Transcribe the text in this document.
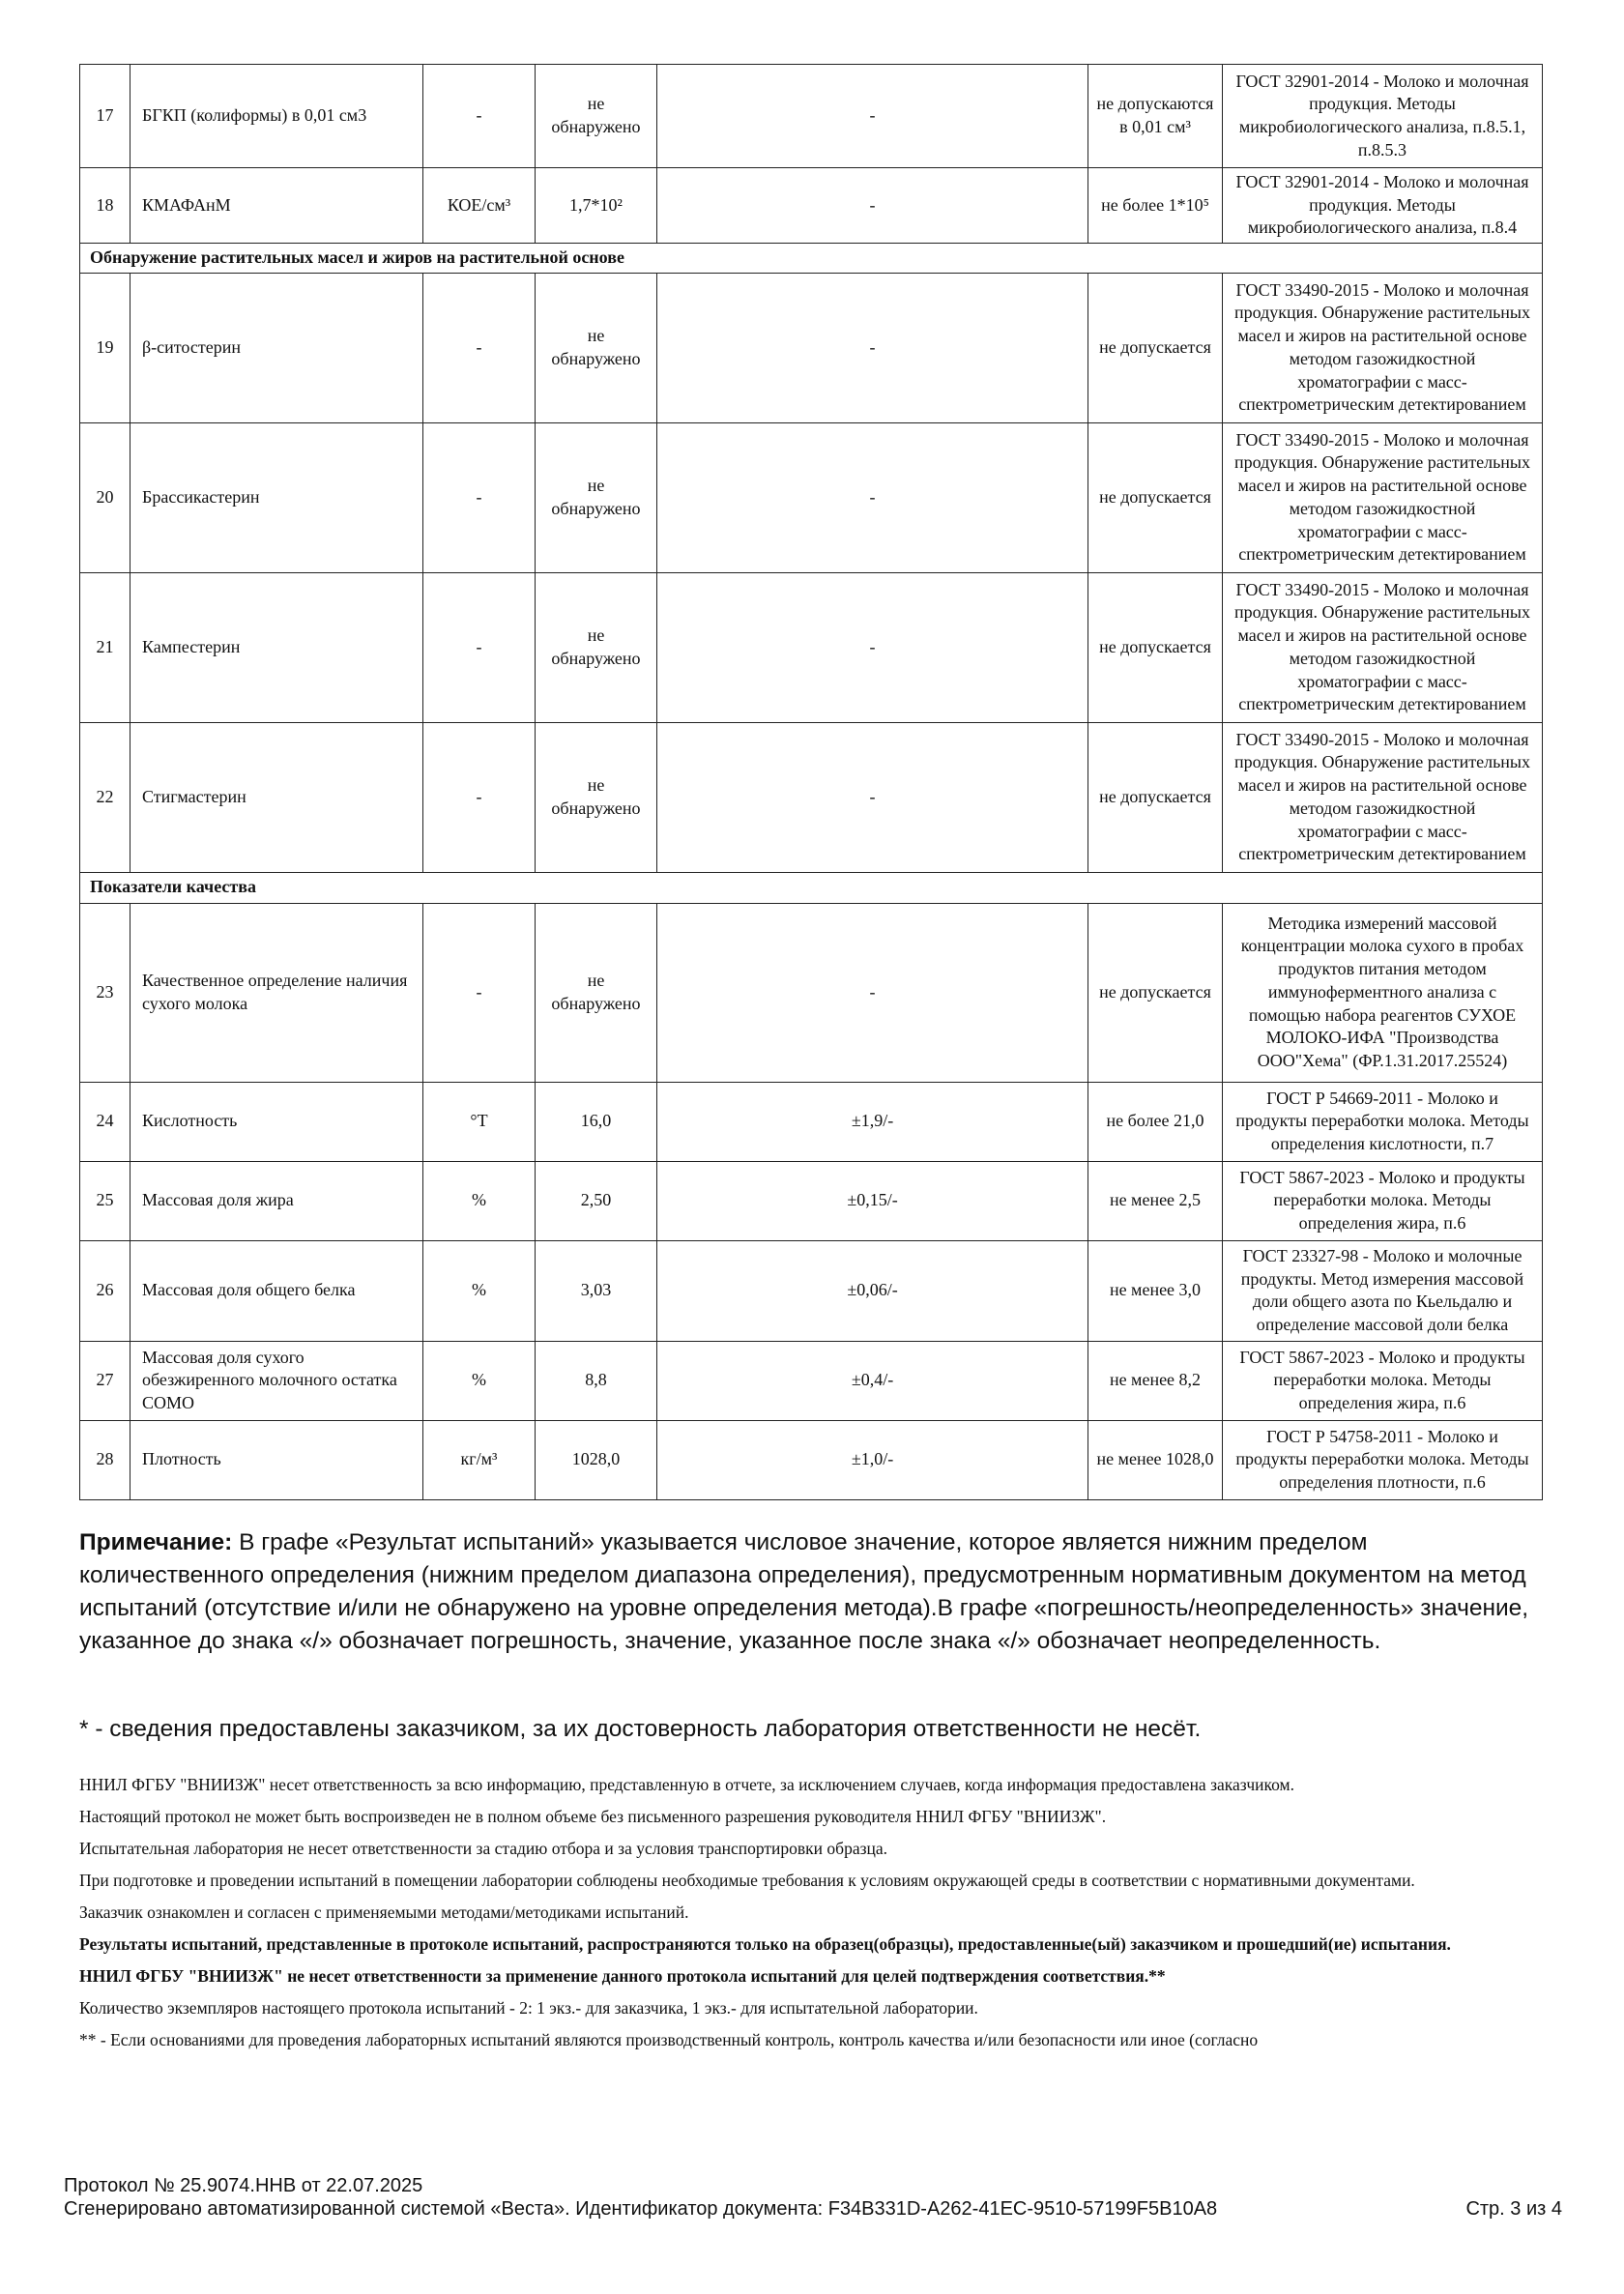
17	БГКП (колиформы) в 0,01 см3	-	не обнаружено	-	не допускаются в 0,01 см³	ГОСТ 32901-2014 - Молоко и молочная продукция. Методы микробиологического анализа, п.8.5.1, п.8.5.3
18	КМАФАнМ	КОЕ/см³	1,7*10²	-	не более 1*10⁵	ГОСТ 32901-2014 - Молоко и молочная продукция. Методы микробиологического анализа, п.8.4
Обнаружение растительных масел и жиров на растительной основе						
19	β-ситостерин	-	не обнаружено	-	не допускается	ГОСТ 33490-2015 - Молоко и молочная продукция. Обнаружение растительных масел и жиров на растительной основе методом газожидкостной хроматографии с масс-спектрометрическим детектированием
20	Брассикастерин	-	не обнаружено	-	не допускается	ГОСТ 33490-2015 - Молоко и молочная продукция. Обнаружение растительных масел и жиров на растительной основе методом газожидкостной хроматографии с масс-спектрометрическим детектированием
21	Кампестерин	-	не обнаружено	-	не допускается	ГОСТ 33490-2015 - Молоко и молочная продукция. Обнаружение растительных масел и жиров на растительной основе методом газожидкостной хроматографии с масс-спектрометрическим детектированием
22	Стигмастерин	-	не обнаружено	-	не допускается	ГОСТ 33490-2015 - Молоко и молочная продукция. Обнаружение растительных масел и жиров на растительной основе методом газожидкостной хроматографии с масс-спектрометрическим детектированием
Показатели качества						
23	Качественное определение наличия сухого молока	-	не обнаружено	-	не допускается	Методика измерений массовой концентрации молока сухого в пробах продуктов питания методом иммуноферментного анализа с помощью набора реагентов СУХОЕ МОЛОКО-ИФА "Производства ООО"Хема" (ФР.1.31.2017.25524)
24	Кислотность	°T	16,0	±1,9/-	не более 21,0	ГОСТ Р 54669-2011 - Молоко и продукты переработки молока. Методы определения кислотности, п.7
25	Массовая доля жира	%	2,50	±0,15/-	не менее 2,5	ГОСТ 5867-2023 - Молоко и продукты переработки молока. Методы определения жира, п.6
26	Массовая доля общего белка	%	3,03	±0,06/-	не менее 3,0	ГОСТ 23327-98 - Молоко и молочные продукты. Метод измерения массовой доли общего азота по Кьельдалю и определение массовой доли белка
27	Массовая доля сухого обезжиренного молочного остатка СОМО	%	8,8	±0,4/-	не менее 8,2	ГОСТ 5867-2023 - Молоко и продукты переработки молока. Методы определения жира, п.6
28	Плотность	кг/м³	1028,0	±1,0/-	не менее 1028,0	ГОСТ Р 54758-2011 - Молоко и продукты переработки молока. Методы определения плотности, п.6
Примечание: В графе «Результат испытаний» указывается числовое значение, которое является нижним пределом количественного определения (нижним пределом диапазона определения), предусмотренным нормативным документом на метод испытаний (отсутствие и/или не обнаружено на уровне определения метода).В графе «погрешность/неопределенность» значение, указанное до знака «/» обозначает погрешность, значение, указанное после знака «/» обозначает неопределенность.
* - сведения предоставлены заказчиком, за их достоверность лаборатория ответственности не несёт.

ННИЛ ФГБУ "ВНИИЗЖ" несет ответственность за всю информацию, представленную в отчете, за исключением случаев, когда информация предоставлена заказчиком.

Настоящий протокол не может быть воспроизведен не в полном объеме без письменного разрешения руководителя ННИЛ ФГБУ "ВНИИЗЖ".

Испытательная лаборатория не несет ответственности за стадию отбора и за условия транспортировки образца.

При подготовке и проведении испытаний в помещении лаборатории соблюдены необходимые требования к условиям окружающей среды в соответствии с нормативными документами.

Заказчик ознакомлен и согласен с применяемыми методами/методиками испытаний.

Результаты испытаний, представленные в протоколе испытаний, распространяются только на образец(образцы), предоставленные(ый) заказчиком и прошедший(ие) испытания.

ННИЛ ФГБУ "ВНИИЗЖ" не несет ответственности за применение данного протокола испытаний для целей подтверждения соответствия.**

Количество экземпляров настоящего протокола испытаний - 2: 1 экз.- для заказчика, 1 экз.- для испытательной лаборатории.

** - Если основаниями для проведения лабораторных испытаний являются производственный контроль, контроль качества и/или безопасности или иное (согласно

Протокол № 25.9074.ННВ от 22.07.2025
Сгенерировано автоматизированной системой «Веста». Идентификатор документа: F34B331D-A262-41EC-9510-57199F5B10A8	Стр. 3 из 4
